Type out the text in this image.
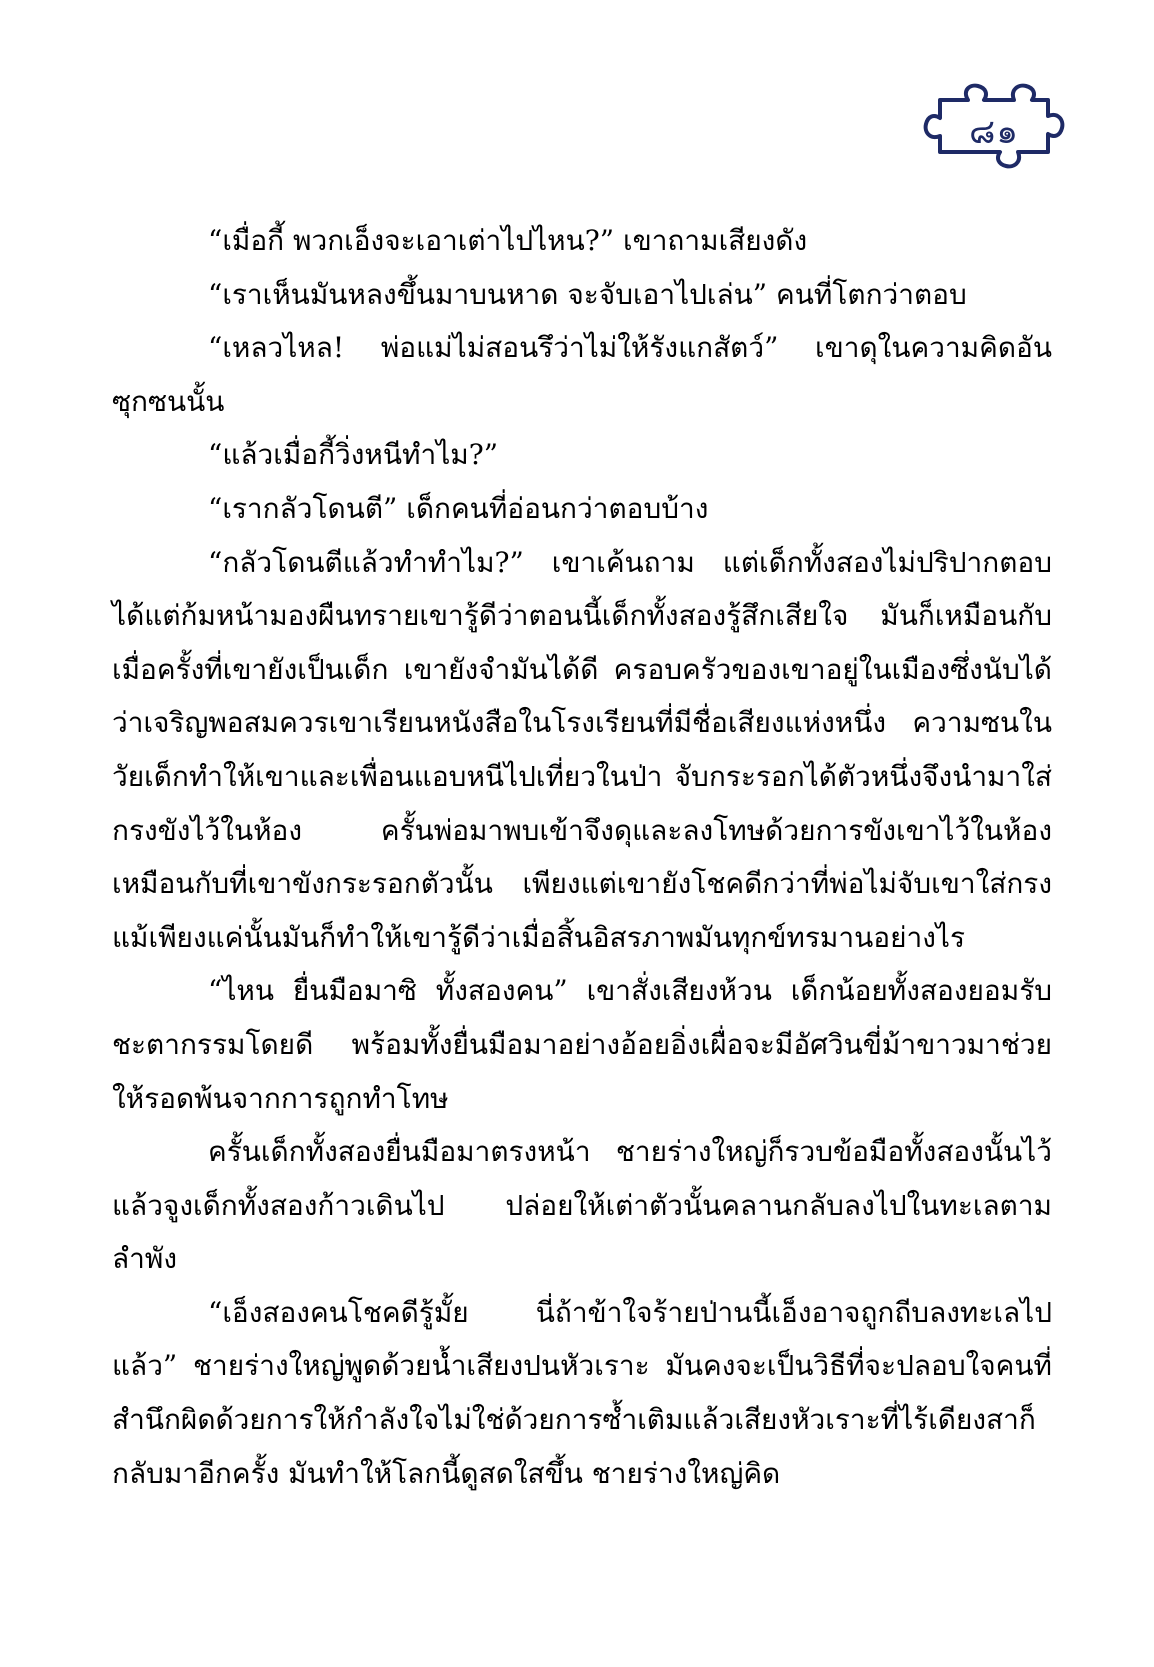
๘๑

“เมื่อกี้ พวกเอ็งจะเอาเต่าไปไหน?” เขาถามเสียงดัง

“เราเห็นมันหลงขึ้นมาบนหาด จะจับเอาไปเล่น” คนที่โตกว่าตอบ

“เหลวไหล! พ่อแม่ไม่สอนรึว่าไม่ให้รังแกสัตว์” เขาดุในความคิดอันซุกซนนั้น

“แล้วเมื่อกี้วิ่งหนีทำไม?”

“เรากลัวโดนตี” เด็กคนที่อ่อนกว่าตอบบ้าง

“กลัวโดนตีแล้วทำทำไม?” เขาเค้นถาม แต่เด็กทั้งสองไม่ปริปากตอบ ได้แต่ก้มหน้ามองผืนทรายเขารู้ดีว่าตอนนี้เด็กทั้งสองรู้สึกเสียใจ มันก็เหมือนกับเมื่อครั้งที่เขายังเป็นเด็ก เขายังจำมันได้ดี ครอบครัวของเขาอยู่ในเมืองซึ่งนับได้ว่าเจริญพอสมควรเขาเรียนหนังสือในโรงเรียนที่มีชื่อเสียงแห่งหนึ่ง ความซนในวัยเด็กทำให้เขาและเพื่อนแอบหนีไปเที่ยวในป่า จับกระรอกได้ตัวหนึ่งจึงนำมาใส่กรงขังไว้ในห้อง ครั้นพ่อมาพบเข้าจึงดุและลงโทษด้วยการขังเขาไว้ในห้องเหมือนกับที่เขาขังกระรอกตัวนั้น เพียงแต่เขายังโชคดีกว่าที่พ่อไม่จับเขาใส่กรง แม้เพียงแค่นั้นมันก็ทำให้เขารู้ดีว่าเมื่อสิ้นอิสรภาพมันทุกข์ทรมานอย่างไร

“ไหน ยื่นมือมาซิ ทั้งสองคน” เขาสั่งเสียงห้วน เด็กน้อยทั้งสองยอมรับชะตากรรมโดยดี พร้อมทั้งยื่นมือมาอย่างอ้อยอิ่งเผื่อจะมีอัศวินขี่ม้าขาวมาช่วยให้รอดพ้นจากการถูกทำโทษ

ครั้นเด็กทั้งสองยื่นมือมาตรงหน้า ชายร่างใหญ่ก็รวบข้อมือทั้งสองนั้นไว้ แล้วจูงเด็กทั้งสองก้าวเดินไป ปล่อยให้เต่าตัวนั้นคลานกลับลงไปในทะเลตามลำพัง

“เอ็งสองคนโชคดีรู้มั้ย นี่ถ้าข้าใจร้ายป่านนี้เอ็งอาจถูกถีบลงทะเลไปแล้ว” ชายร่างใหญ่พูดด้วยน้ำเสียงปนหัวเราะ มันคงจะเป็นวิธีที่จะปลอบใจคนที่สำนึกผิดด้วยการให้กำลังใจไม่ใช่ด้วยการซ้ำเติมแล้วเสียงหัวเราะที่ไร้เดียงสาก็กลับมาอีกครั้ง มันทำให้โลกนี้ดูสดใสขึ้น ชายร่างใหญ่คิด
